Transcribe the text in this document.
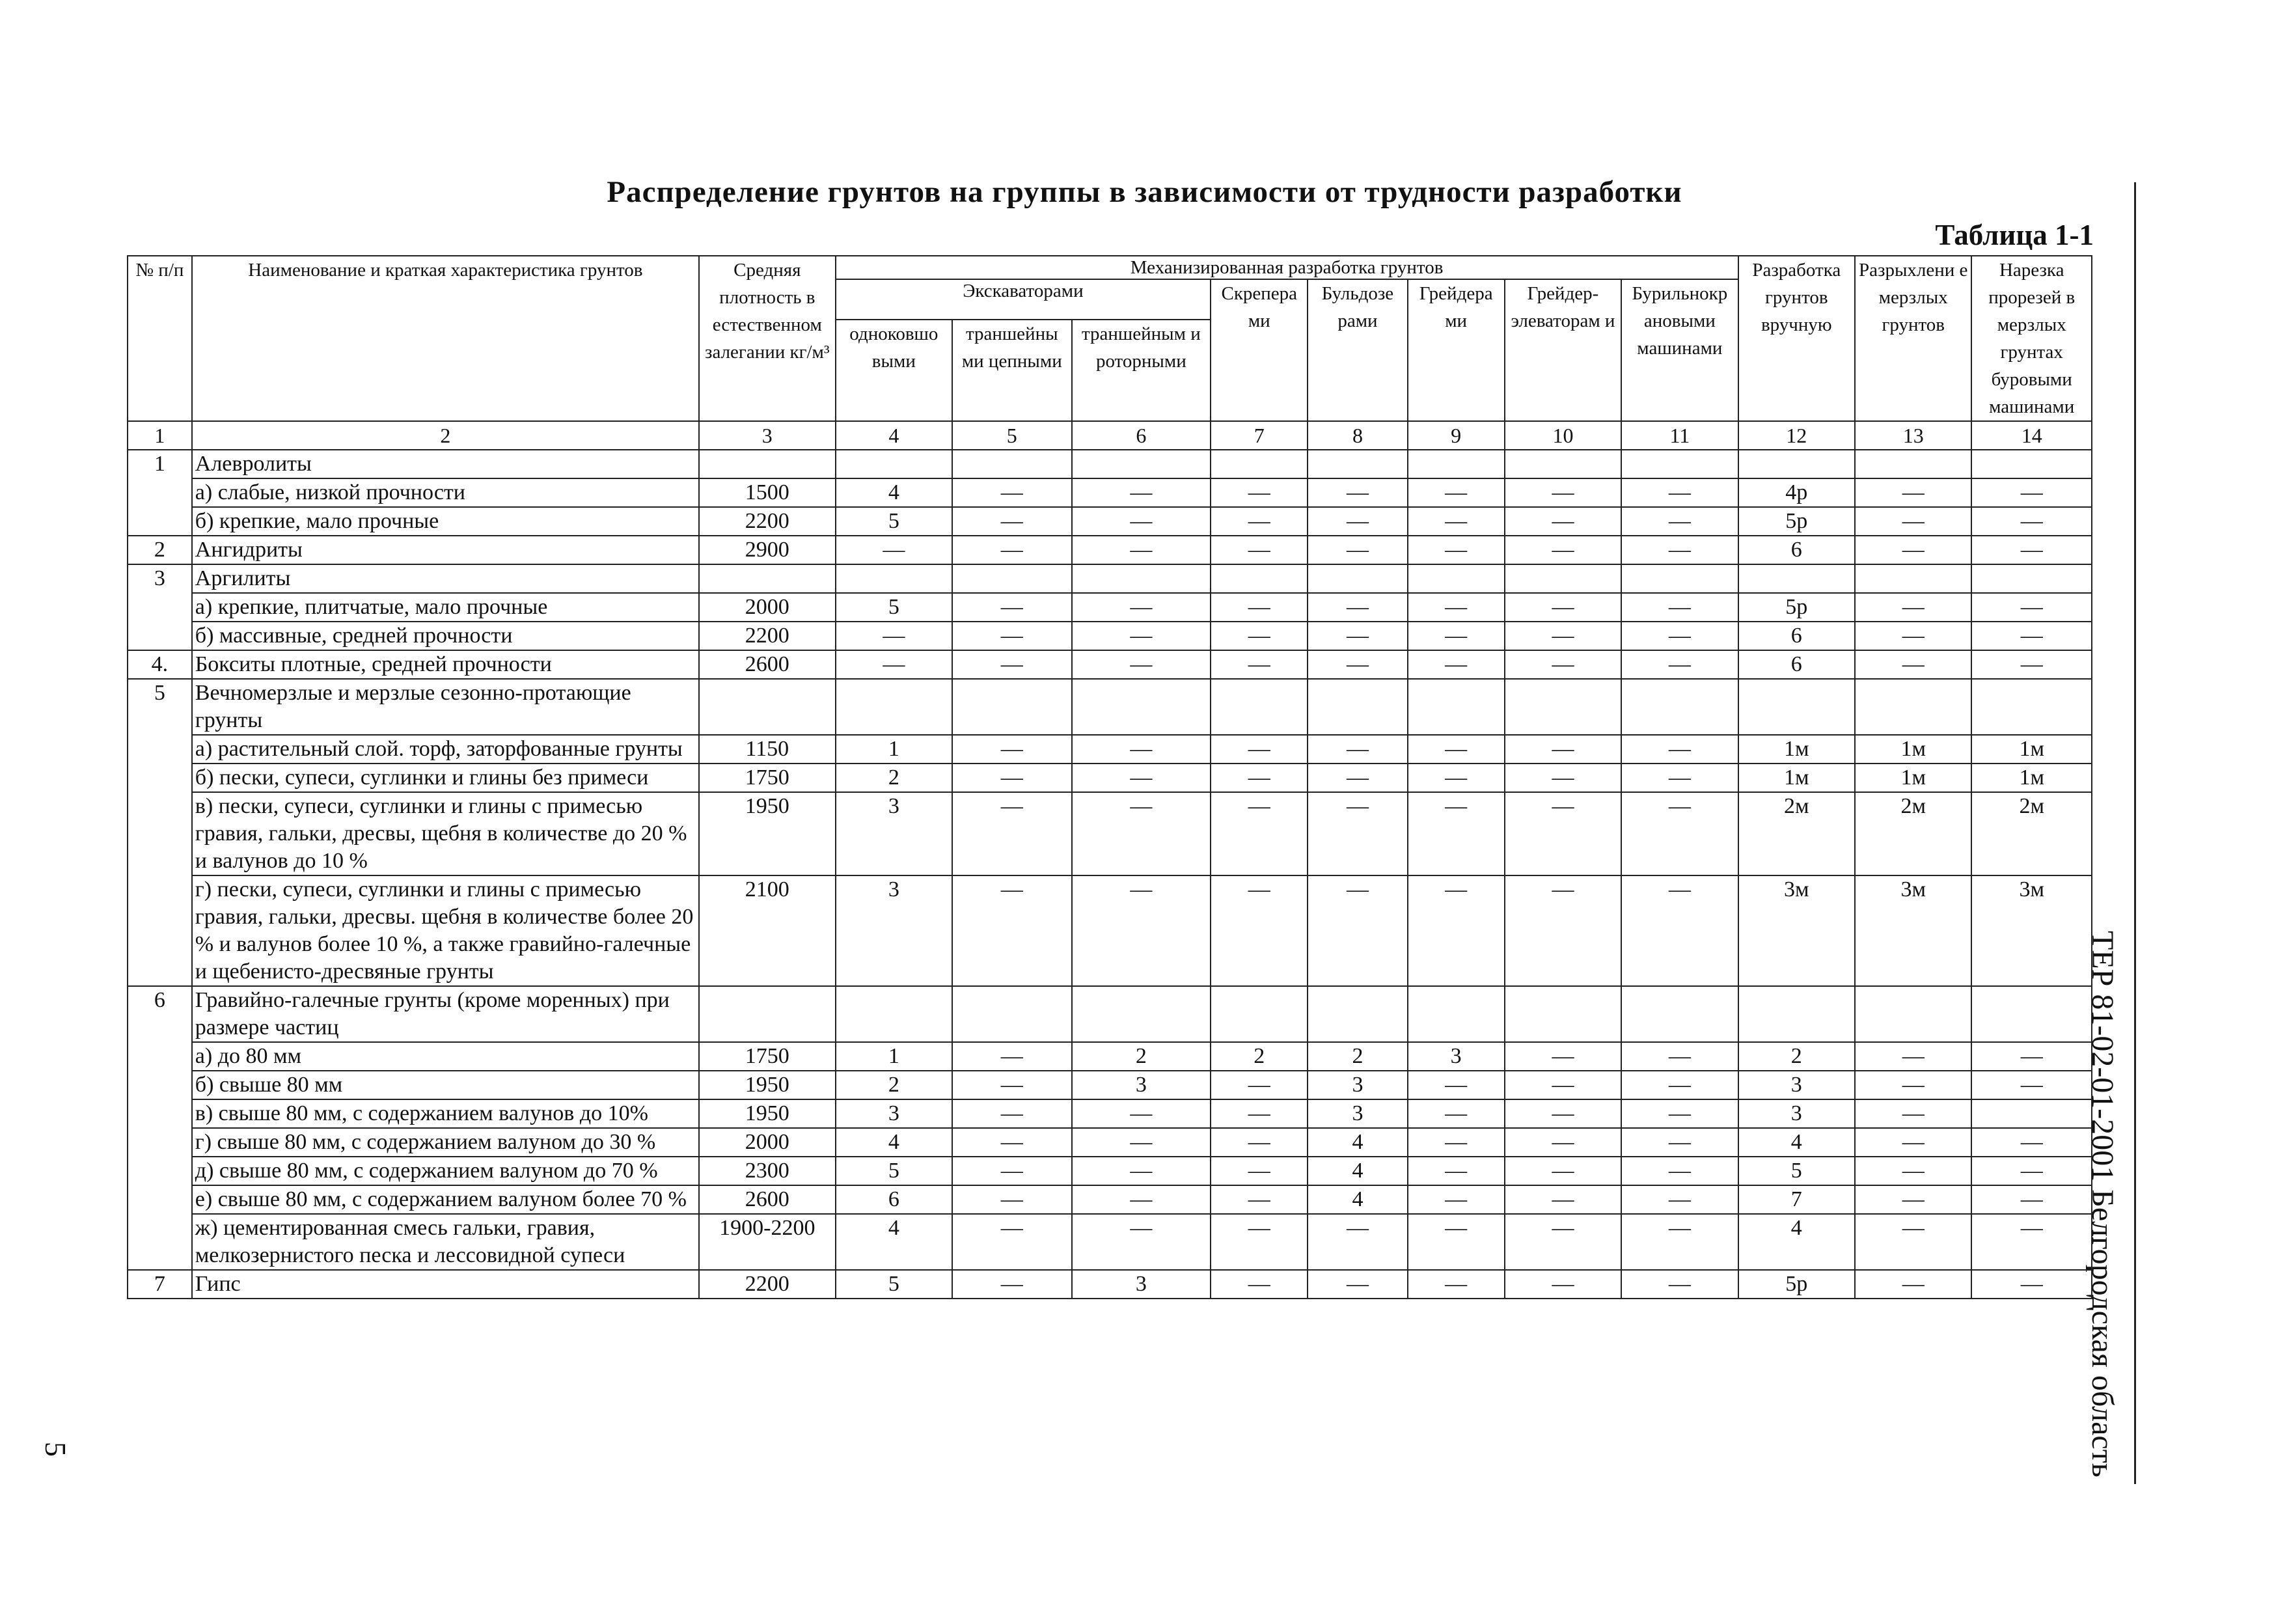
Распределение грунтов на группы в зависимости от трудности разработки
Таблица 1-1
ТЕР 81-02-01-2001 Белгородская область
5
№ п/п	Наименование и краткая характеристика грунтов	Средняя плотность в естественном залегании кг/м³	Механизированная разработка грунтов								Разработка грунтов вручную	Разрыхлени е мерзлых грунтов	Нарезка прорезей в мерзлых грунтах буровыми машинами
			Экскаваторами			Скрепера ми	Бульдозе рами	Грейдера ми	Грейдер-элеваторам и	Бурильнокр ановыми машинами			
			одноковшо выми	траншейны ми цепными	траншейным и роторными								
1	2	3	4	5	6	7	8	9	10	11	12	13	14
1	Алевролиты												
	а) слабые, низкой прочности	1500	4	—	—	—	—	—	—	—	4р	—	—
	б) крепкие, мало прочные	2200	5	—	—	—	—	—	—	—	5р	—	—
2	Ангидриты	2900	—	—	—	—	—	—	—	—	6	—	—
3	Аргилиты												
	а) крепкие, плитчатые, мало прочные	2000	5	—	—	—	—	—	—	—	5р	—	—
	б) массивные, средней прочности	2200	—	—	—	—	—	—	—	—	6	—	—
4.	Бокситы плотные, средней прочности	2600	—	—	—	—	—	—	—	—	6	—	—
5	Вечномерзлые и мерзлые сезонно-протающие грунты												
	а) растительный слой. торф, заторфованные грунты	1150	1	—	—	—	—	—	—	—	1м	1м	1м
	б) пески, супеси, суглинки и глины без примеси	1750	2	—	—	—	—	—	—	—	1м	1м	1м
	в) пески, супеси, суглинки и глины с примесью гравия, гальки, дресвы, щебня в количестве до 20 % и валунов до 10 %	1950	3	—	—	—	—	—	—	—	2м	2м	2м
	г) пески, супеси, суглинки и глины с примесью гравия, гальки, дресвы. щебня в количестве более 20 % и валунов более 10 %, а также гравийно-галечные и щебенисто-дресвяные грунты	2100	3	—	—	—	—	—	—	—	3м	3м	3м
6	Гравийно-галечные грунты (кроме моренных) при размере частиц												
	а) до 80 мм	1750	1	—	2	2	2	3	—	—	2	—	—
	б) свыше 80 мм	1950	2	—	3	—	3	—	—	—	3	—	—
	в) свыше 80 мм, с содержанием валунов до 10%	1950	3	—	—	—	3	—	—	—	3	—	
	г) свыше 80 мм, с содержанием валуном до 30 %	2000	4	—	—	—	4	—	—	—	4	—	—
	д) свыше 80 мм, с содержанием валуном до 70 %	2300	5	—	—	—	4	—	—	—	5	—	—
	е) свыше 80 мм, с содержанием валуном более 70 %	2600	6	—	—	—	4	—	—	—	7	—	—
	ж) цементированная смесь гальки, гравия, мелкозернистого песка и лессовидной супеси	1900-2200	4	—	—	—	—	—	—	—	4	—	—
7	Гипс	2200	5	—	3	—	—	—	—	—	5р	—	—
